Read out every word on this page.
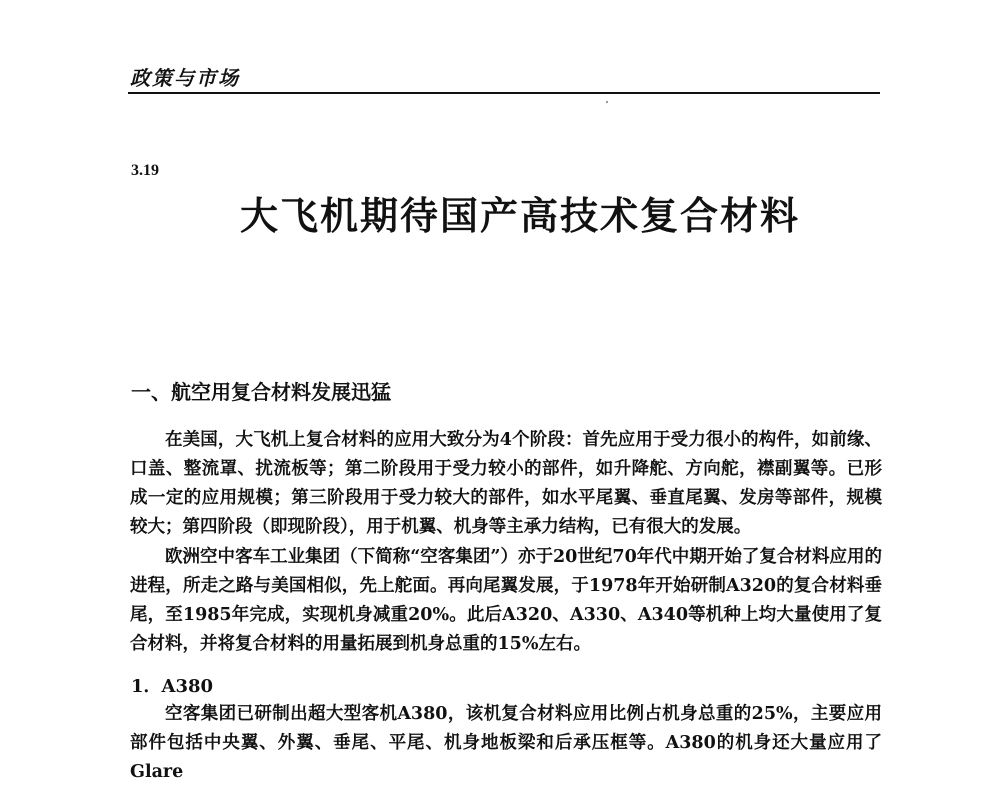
政策与市场
3.19
大飞机期待国产高技术复合材料
一、航空用复合材料发展迅猛

在美国，大飞机上复合材料的应用大致分为4个阶段：首先应用于受力很小的构件，如前缘、口盖、整流罩、扰流板等；第二阶段用于受力较小的部件，如升降舵、方向舵，襟副翼等。已形成一定的应用规模；第三阶段用于受力较大的部件，如水平尾翼、垂直尾翼、发房等部件，规模较大；第四阶段（即现阶段），用于机翼、机身等主承力结构，已有很大的发展。

欧洲空中客车工业集团（下简称“空客集团”）亦于20世纪70年代中期开始了复合材料应用的进程，所走之路与美国相似，先上舵面。再向尾翼发展，于1978年开始研制A320的复合材料垂尾，至1985年完成，实现机身减重20%。此后A320、A330、A340等机种上均大量使用了复合材料，并将复合材料的用量拓展到机身总重的15%左右。

1．A380

空客集团已研制出超大型客机A380，该机复合材料应用比例占机身总重的25%，主要应用部件包括中央翼、外翼、垂尾、平尾、机身地板梁和后承压框等。A380的机身还大量应用了Glare
